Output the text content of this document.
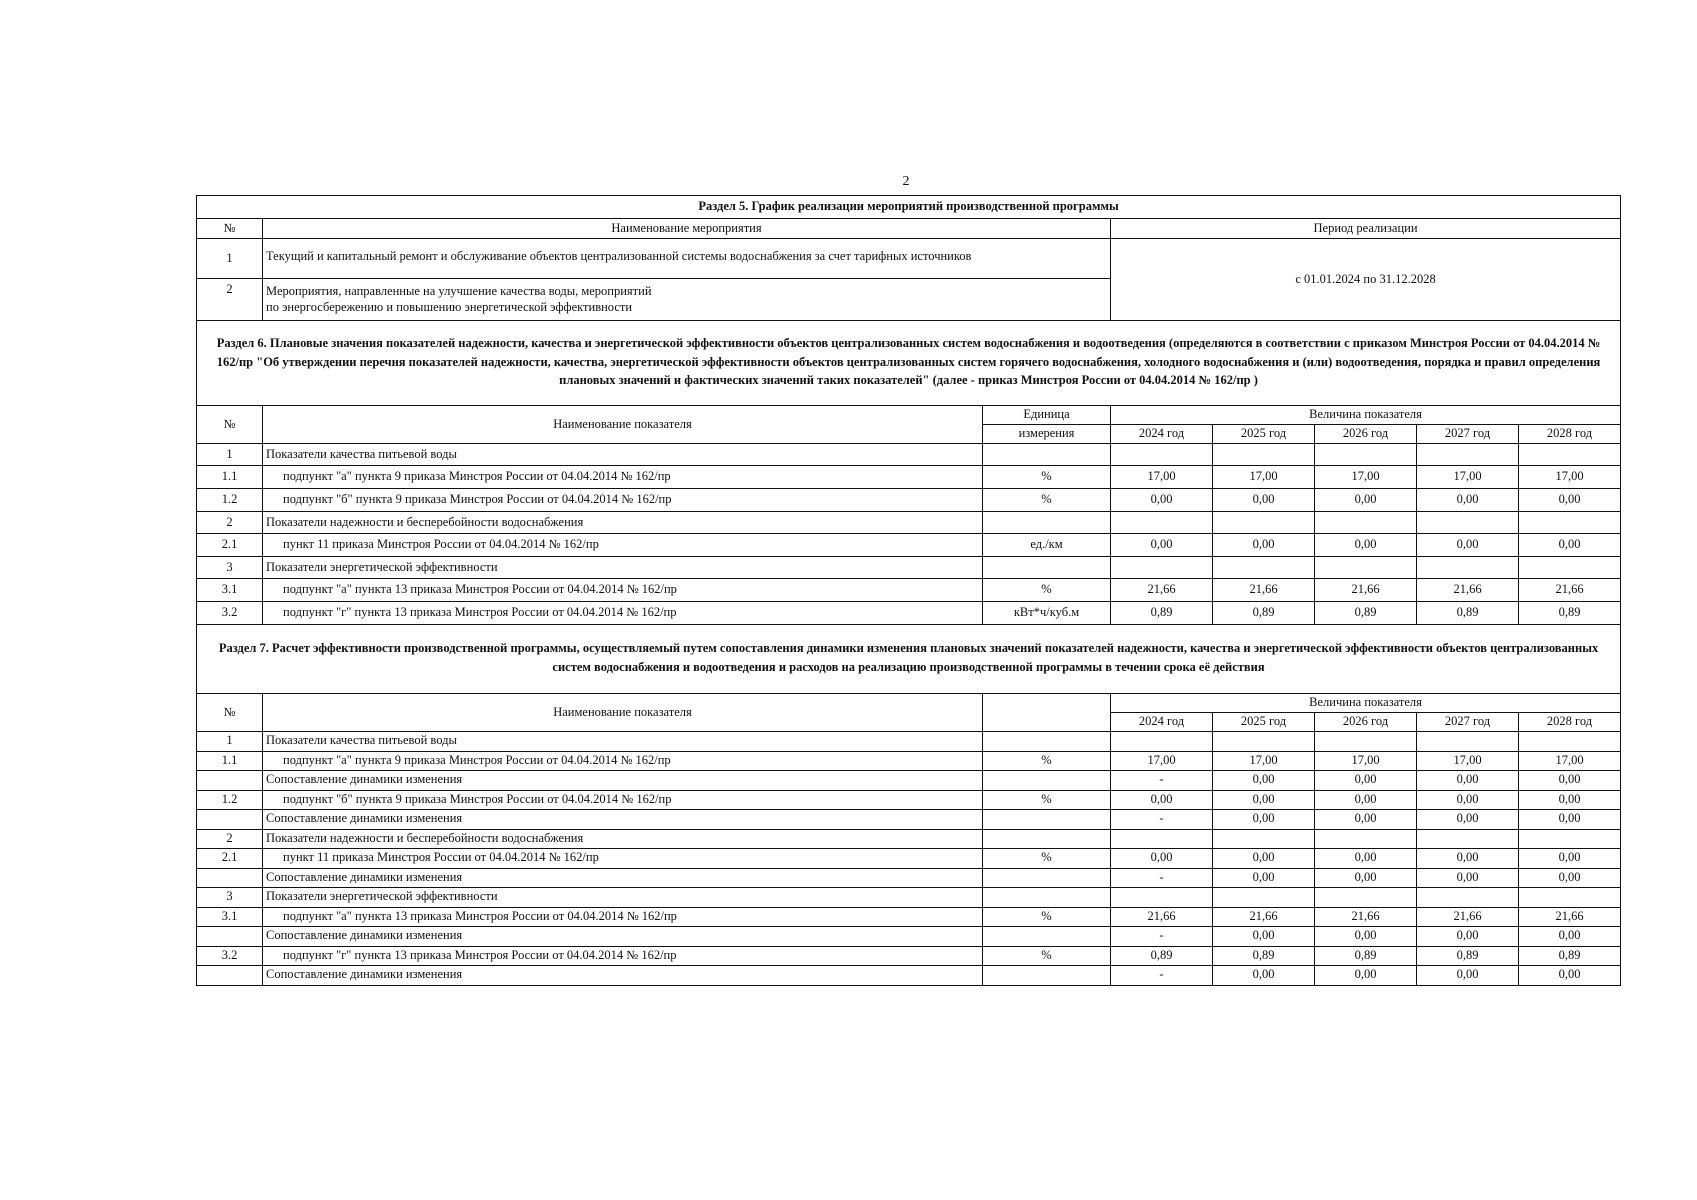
2
Раздел 5. График реализации мероприятий производственной программы							
№	Наименование мероприятия		Период реализации				
1	Текущий и капитальный ремонт и обслуживание объектов централизованной системы водоснабжения за счет тарифных источников		с 01.01.2024 по 31.12.2028				
2	Мероприятия, направленные на улучшение качества воды, мероприятий
по энергосбережению и повышению энергетической эффективности						

Раздел 6. Плановые значения показателей надежности, качества и энергетической эффективности объектов централизованных систем водоснабжения и водоотведения (определяются в соответствии с приказом Минстроя России от 04.04.2014 № 162/пр "Об утверждении перечня показателей надежности, качества, энергетической эффективности объектов централизованных систем горячего водоснабжения, холодного водоснабжения и (или) водоотведения, порядка и правил определения плановых значений и фактических значений таких показателей" (далее - приказ Минстроя России от 04.04.2014 № 162/пр )							
№	Наименование показателя	Единица	Величина показателя				
		измерения	2024 год	2025 год	2026 год	2027 год	2028 год
1	Показатели качества питьевой воды						
1.1	подпункт "а" пункта 9 приказа Минстроя России от 04.04.2014 № 162/пр	%	17,00	17,00	17,00	17,00	17,00
1.2	подпункт "б" пункта 9 приказа Минстроя России от 04.04.2014 № 162/пр	%	0,00	0,00	0,00	0,00	0,00
2	Показатели надежности и бесперебойности водоснабжения						
2.1	пункт 11 приказа Минстроя России от 04.04.2014 № 162/пр	ед./км	0,00	0,00	0,00	0,00	0,00
3	Показатели энергетической эффективности						
3.1	подпункт "а" пункта 13 приказа Минстроя России от 04.04.2014 № 162/пр	%	21,66	21,66	21,66	21,66	21,66
3.2	подпункт "г" пункта 13 приказа Минстроя России от 04.04.2014 № 162/пр	кВт*ч/куб.м	0,89	0,89	0,89	0,89	0,89
Раздел 7. Расчет эффективности производственной программы, осуществляемый путем сопоставления динамики изменения плановых значений показателей надежности, качества и энергетической эффективности объектов централизованных систем водоснабжения и водоотведения и расходов на реализацию производственной программы в течении срока её действия							
№	Наименование показателя		Величина показателя				
			2024 год	2025 год	2026 год	2027 год	2028 год
1	Показатели качества питьевой воды						
1.1	подпункт "а" пункта 9 приказа Минстроя России от 04.04.2014 № 162/пр	%	17,00	17,00	17,00	17,00	17,00
	Сопоставление динамики изменения		-	0,00	0,00	0,00	0,00
1.2	подпункт "б" пункта 9 приказа Минстроя России от 04.04.2014 № 162/пр	%	0,00	0,00	0,00	0,00	0,00
	Сопоставление динамики изменения		-	0,00	0,00	0,00	0,00
2	Показатели надежности и бесперебойности водоснабжения						
2.1	пункт 11 приказа Минстроя России от 04.04.2014 № 162/пр	%	0,00	0,00	0,00	0,00	0,00
	Сопоставление динамики изменения		-	0,00	0,00	0,00	0,00
3	Показатели энергетической эффективности						
3.1	подпункт "а" пункта 13 приказа Минстроя России от 04.04.2014 № 162/пр	%	21,66	21,66	21,66	21,66	21,66
	Сопоставление динамики изменения		-	0,00	0,00	0,00	0,00
3.2	подпункт "г" пункта 13 приказа Минстроя России от 04.04.2014 № 162/пр	%	0,89	0,89	0,89	0,89	0,89
	Сопоставление динамики изменения		-	0,00	0,00	0,00	0,00
